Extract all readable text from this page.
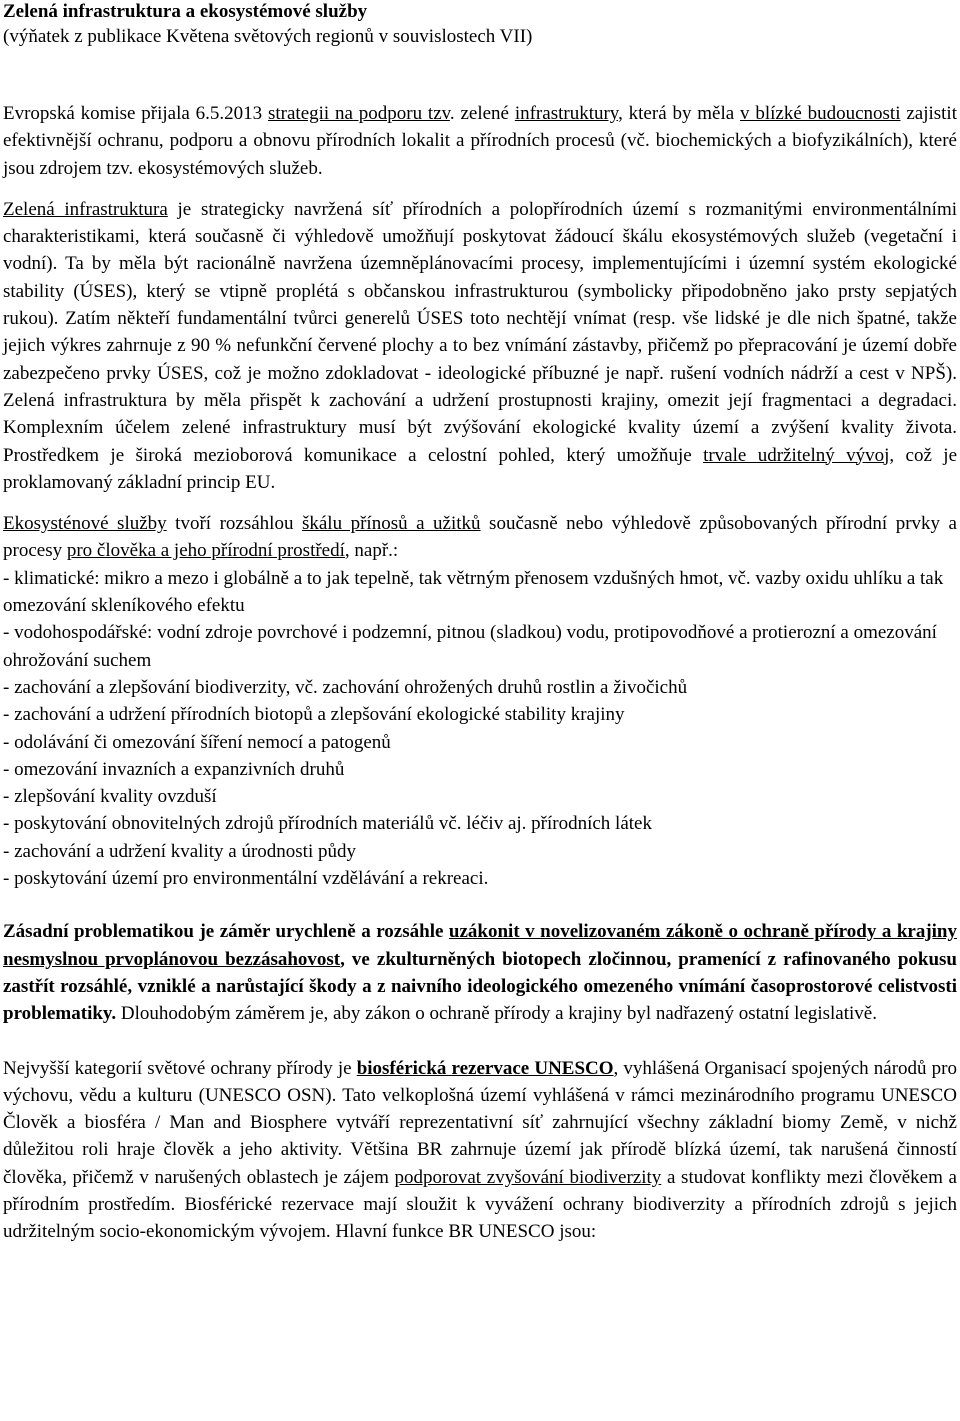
Zelená infrastruktura a ekosystémové služby
(výňatek z publikace Květena světových regionů v souvislostech VII)

Evropská komise přijala 6.5.2013 strategii na podporu tzv. zelené infrastruktury, která by měla v blízké budoucnosti zajistit efektivnější ochranu, podporu a obnovu přírodních lokalit a přírodních procesů (vč. biochemických a biofyzikálních), které jsou zdrojem tzv. ekosystémových služeb.

Zelená infrastruktura je strategicky navržená síť přírodních a polopřírodních území s rozmanitými environmentálními charakteristikami, která současně či výhledově umožňují poskytovat žádoucí škálu ekosystémových služeb (vegetační i vodní). Ta by měla být racionálně navržena územněplánovacími procesy, implementujícími i územní systém ekologické stability (ÚSES), který se vtipně proplétá s občanskou infrastrukturou (symbolicky připodobněno jako prsty sepjatých rukou). Zatím někteří fundamentální tvůrci generelů ÚSES toto nechtějí vnímat (resp. vše lidské je dle nich špatné, takže jejich výkres zahrnuje z 90 % nefunkční červené plochy a to bez vnímání zástavby, přičemž po přepracování je území dobře zabezpečeno prvky ÚSES, což je možno zdokladovat - ideologické příbuzné je např. rušení vodních nádrží a cest v NPŠ). Zelená infrastruktura by měla přispět k zachování a udržení prostupnosti krajiny, omezit její fragmentaci a degradaci. Komplexním účelem zelené infrastruktury musí být zvýšování ekologické kvality území a zvýšení kvality života. Prostředkem je široká mezioborová komunikace a celostní pohled, který umožňuje trvale udržitelný vývoj, což je proklamovaný základní princip EU.

Ekosysténové služby tvoří rozsáhlou škálu přínosů a užitků současně nebo výhledově způsobovaných přírodní prvky a procesy pro člověka a jeho přírodní prostředí, např.:

- klimatické: mikro a mezo i globálně a to jak tepelně, tak větrným přenosem vzdušných hmot, vč. vazby oxidu uhlíku a tak omezování skleníkového efektu
- vodohospodářské: vodní zdroje povrchové i podzemní, pitnou (sladkou) vodu, protipovodňové a protierozní a omezování ohrožování suchem
- zachování a zlepšování biodiverzity, vč. zachování ohrožených druhů rostlin a živočichů
- zachování a udržení přírodních biotopů a zlepšování ekologické stability krajiny
- odolávání či omezování šíření nemocí a patogenů
- omezování invazních a expanzivních druhů
- zlepšování kvality ovzduší
- poskytování obnovitelných zdrojů přírodních materiálů vč. léčiv aj. přírodních látek
- zachování a udržení kvality a úrodnosti půdy
- poskytování území pro environmentální vzdělávání a rekreaci.

Zásadní problematikou je záměr urychleně a rozsáhle uzákonit v novelizovaném zákoně o ochraně přírody a krajiny nesmyslnou prvoplánovou bezzásahovost, ve zkulturněných biotopech zločinnou, pramenící z rafinovaného pokusu zastřít rozsáhlé, vzniklé a narůstající škody a z naivního ideologického omezeného vnímání časoprostorové celistvosti problematiky. Dlouhodobým záměrem je, aby zákon o ochraně přírody a krajiny byl nadřazený ostatní legislativě.

Nejvyšší kategorií světové ochrany přírody je biosférická rezervace UNESCO, vyhlášená Organisací spojených národů pro výchovu, vědu a kulturu (UNESCO OSN). Tato velkoplošná území vyhlášená v rámci mezinárodního programu UNESCO Člověk a biosféra / Man and Biosphere vytváří reprezentativní síť zahrnující všechny základní biomy Země, v nichž důležitou roli hraje člověk a jeho aktivity. Většina BR zahrnuje území jak přírodě blízká území, tak narušená činností člověka, přičemž v narušených oblastech je zájem podporovat zvyšování biodiverzity a studovat konflikty mezi člověkem a přírodním prostředím. Biosférické rezervace mají sloužit k vyvážení ochrany biodiverzity a přírodních zdrojů s jejich udržitelným socio-ekonomickým vývojem. Hlavní funkce BR UNESCO jsou:
